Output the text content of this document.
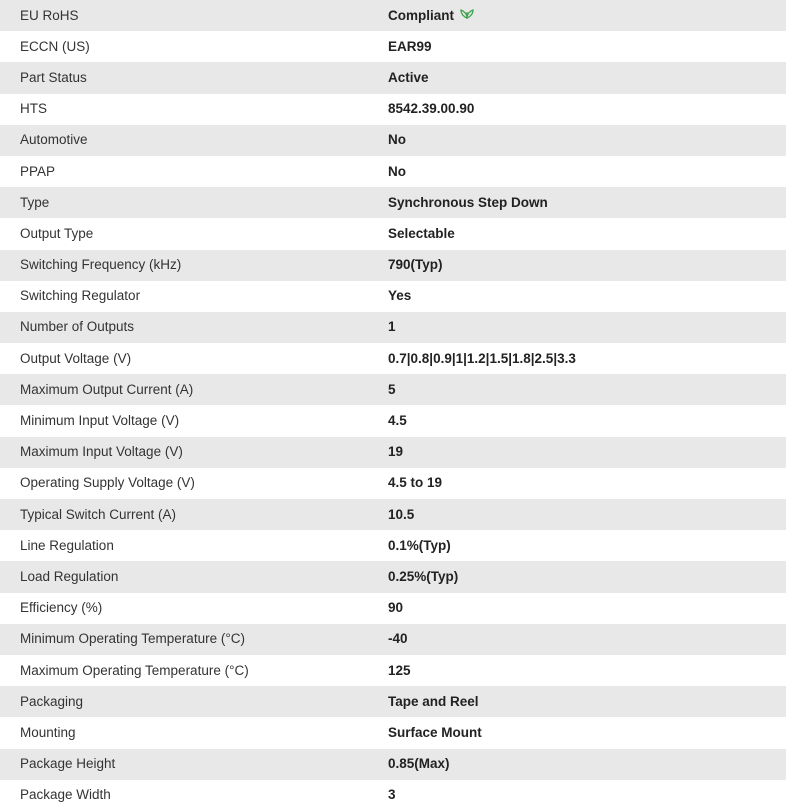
EU RoHS	Compliant
ECCN (US)	EAR99
Part Status	Active
HTS	8542.39.00.90
Automotive	No
PPAP	No
Type	Synchronous Step Down
Output Type	Selectable
Switching Frequency (kHz)	790(Typ)
Switching Regulator	Yes
Number of Outputs	1
Output Voltage (V)	0.7|0.8|0.9|1|1.2|1.5|1.8|2.5|3.3
Maximum Output Current (A)	5
Minimum Input Voltage (V)	4.5
Maximum Input Voltage (V)	19
Operating Supply Voltage (V)	4.5 to 19
Typical Switch Current (A)	10.5
Line Regulation	0.1%(Typ)
Load Regulation	0.25%(Typ)
Efficiency (%)	90
Minimum Operating Temperature (°C)	-40
Maximum Operating Temperature (°C)	125
Packaging	Tape and Reel
Mounting	Surface Mount
Package Height	0.85(Max)
Package Width	3
